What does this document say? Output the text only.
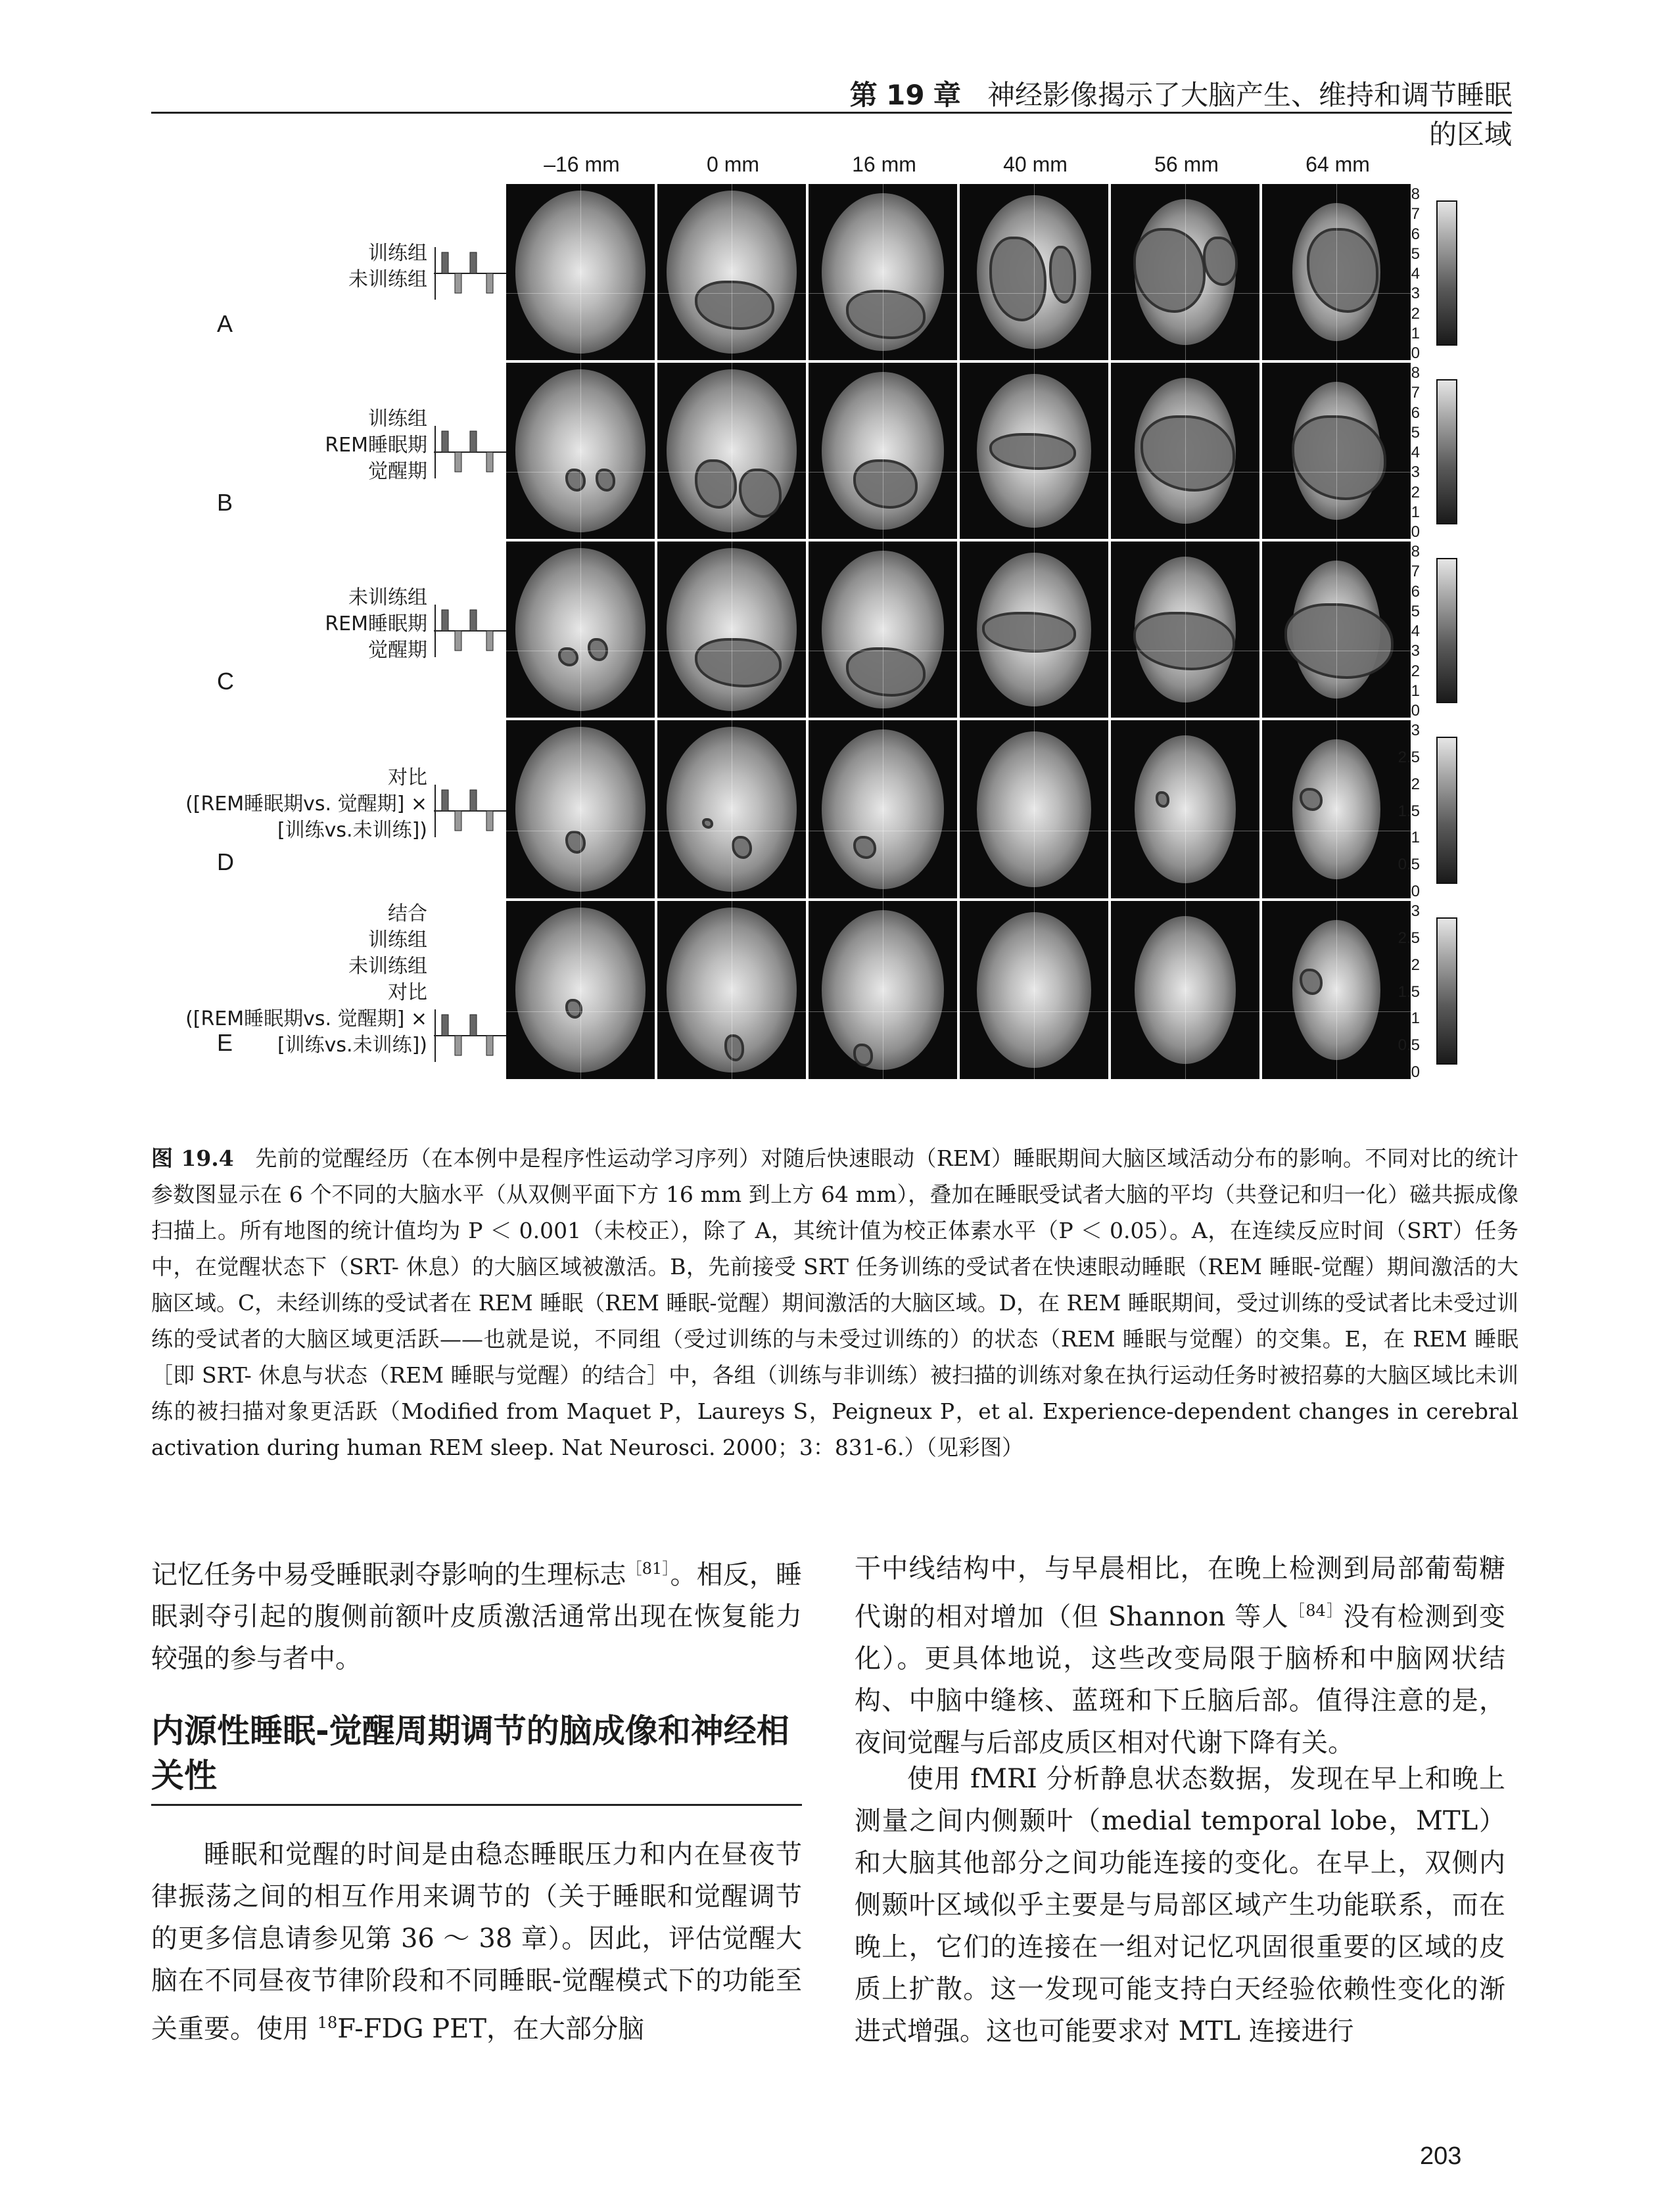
第 19 章 神经影像揭示了大脑产生、维持和调节睡眠的区域
–16 mm	0 mm	16 mm	40 mm	56 mm	64 mm
A
训练组
未训练组
8
7
6
5
4
3
2
1
0
B
训练组
REM睡眠期
觉醒期
8
7
6
5
4
3
2
1
0
C
未训练组
REM睡眠期
觉醒期
8
7
6
5
4
3
2
1
0
D
对比
([REM睡眠期vs. 觉醒期] ×
[训练vs.未训练])
3
2.5
2
1.5
1
0.5
0
E
结合
训练组
未训练组
对比
([REM睡眠期vs. 觉醒期] ×
[训练vs.未训练])
3
2.5
2
1.5
1
0.5
0
图 19.4 先前的觉醒经历（在本例中是程序性运动学习序列）对随后快速眼动（REM）睡眠期间大脑区域活动分布的影响。不同对比的统计参数图显示在 6 个不同的大脑水平（从双侧平面下方 16 mm 到上方 64 mm），叠加在睡眠受试者大脑的平均（共登记和归一化）磁共振成像扫描上。所有地图的统计值均为 P ＜ 0.001（未校正），除了 A，其统计值为校正体素水平（P ＜ 0.05）。A，在连续反应时间（SRT）任务中，在觉醒状态下（SRT- 休息）的大脑区域被激活。B，先前接受 SRT 任务训练的受试者在快速眼动睡眠（REM 睡眠-觉醒）期间激活的大脑区域。C，未经训练的受试者在 REM 睡眠（REM 睡眠-觉醒）期间激活的大脑区域。D，在 REM 睡眠期间，受过训练的受试者比未受过训练的受试者的大脑区域更活跃——也就是说，不同组（受过训练的与未受过训练的）的状态（REM 睡眠与觉醒）的交集。E，在 REM 睡眠［即 SRT- 休息与状态（REM 睡眠与觉醒）的结合］中，各组（训练与非训练）被扫描的训练对象在执行运动任务时被招募的大脑区域比未训练的被扫描对象更活跃（Modified from Maquet P，Laureys S，Peigneux P，et al. Experience-dependent changes in cerebral activation during human REM sleep. Nat Neurosci. 2000；3：831-6.）（见彩图）
记忆任务中易受睡眠剥夺影响的生理标志$^{[81]}$。相反，睡眠剥夺引起的腹侧前额叶皮质激活通常出现在恢复能力较强的参与者中。
内源性睡眠-觉醒周期调节的脑成像和神经相关性
睡眠和觉醒的时间是由稳态睡眠压力和内在昼夜节律振荡之间的相互作用来调节的（关于睡眠和觉醒调节的更多信息请参见第 36 ～ 38 章）。因此，评估觉醒大脑在不同昼夜节律阶段和不同睡眠-觉醒模式下的功能至关重要。使用 $^{18}$F-FDG PET，在大部分脑
干中线结构中，与早晨相比，在晚上检测到局部葡萄糖代谢的相对增加（但 Shannon 等人$^{[84]}$没有检测到变化）。更具体地说，这些改变局限于脑桥和中脑网状结构、中脑中缝核、蓝斑和下丘脑后部。值得注意的是，夜间觉醒与后部皮质区相对代谢下降有关。
使用 fMRI 分析静息状态数据，发现在早上和晚上测量之间内侧颞叶（medial temporal lobe，MTL）和大脑其他部分之间功能连接的变化。在早上，双侧内侧颞叶区域似乎主要是与局部区域产生功能联系，而在晚上，它们的连接在一组对记忆巩固很重要的区域的皮质上扩散。这一发现可能支持白天经验依赖性变化的渐进式增强。这也可能要求对 MTL 连接进行
203
